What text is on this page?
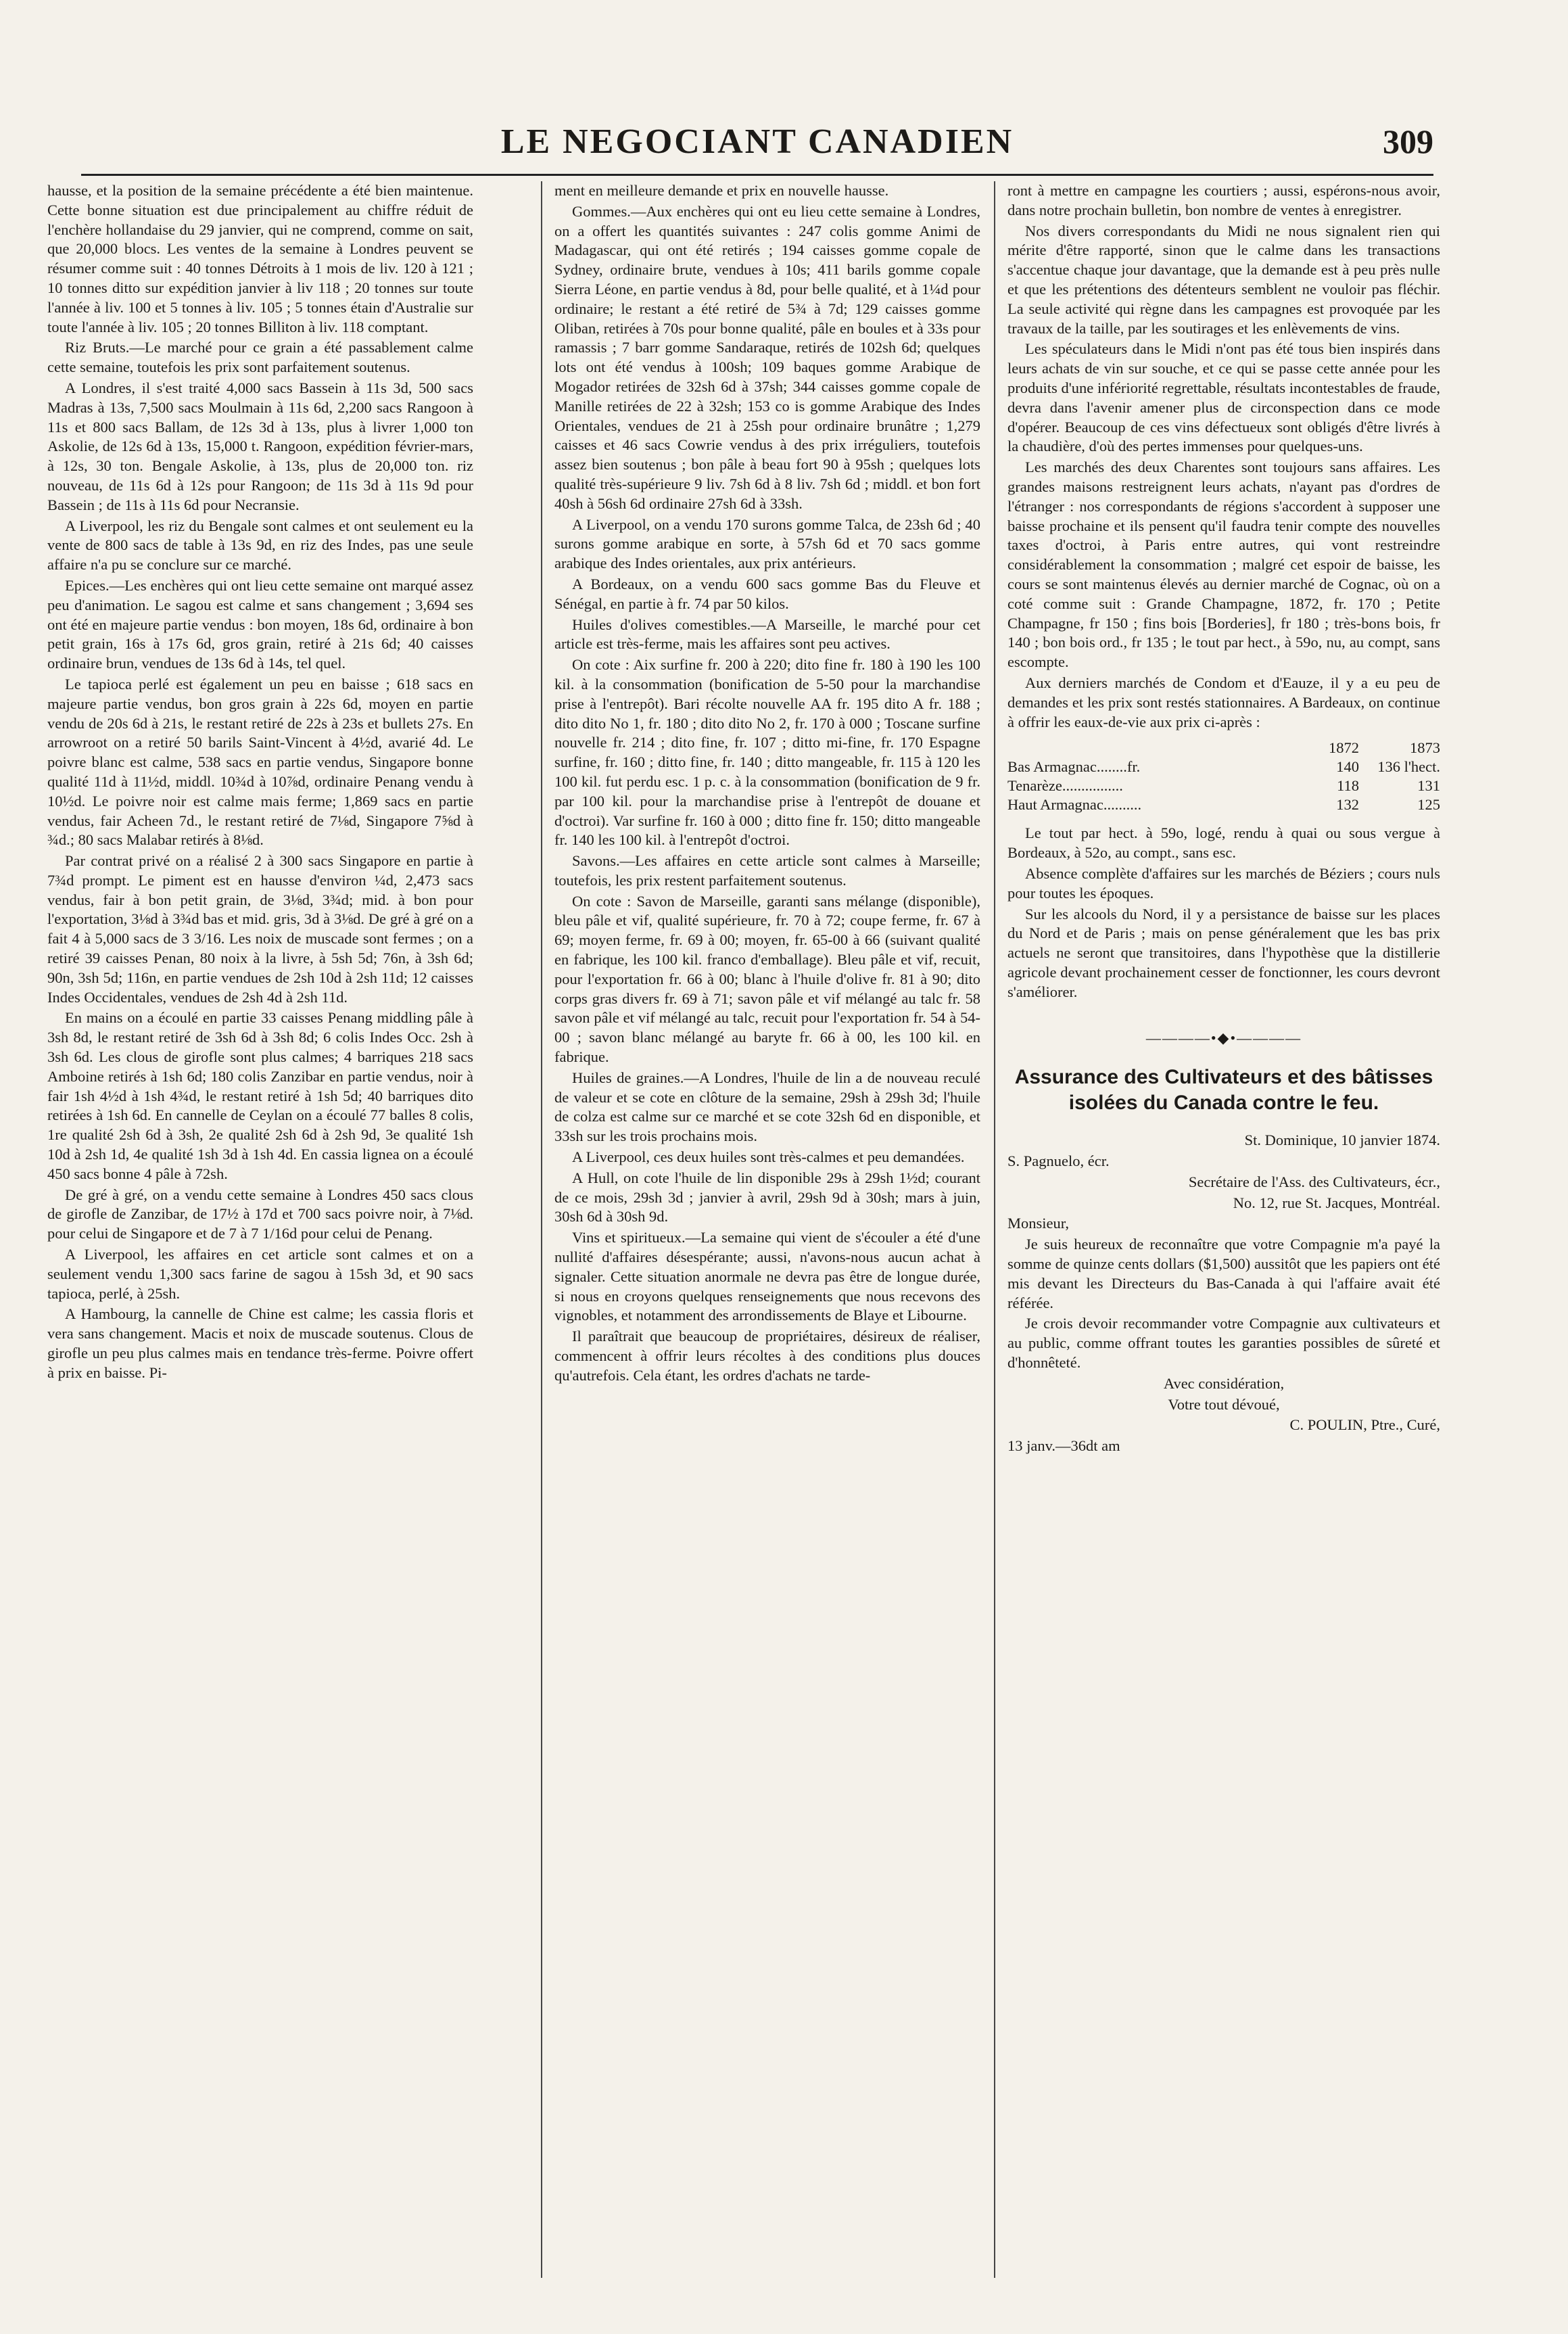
LE NEGOCIANT CANADIEN	309

hausse, et la position de la semaine précédente a été bien maintenue. Cette bonne situation est due principalement au chiffre réduit de l'enchère hollandaise du 29 janvier, qui ne comprend, comme on sait, que 20,000 blocs. Les ventes de la semaine à Londres peuvent se résumer comme suit : 40 tonnes Détroits à 1 mois de liv. 120 à 121 ; 10 tonnes ditto sur expédition janvier à liv 118 ; 20 tonnes sur toute l'année à liv. 100 et 5 tonnes à liv. 105 ; 5 tonnes étain d'Australie sur toute l'année à liv. 105 ; 20 tonnes Billiton à liv. 118 comptant.

Riz Bruts.—Le marché pour ce grain a été passablement calme cette semaine, toutefois les prix sont parfaitement soutenus.

A Londres, il s'est traité 4,000 sacs Bassein à 11s 3d, 500 sacs Madras à 13s, 7,500 sacs Moulmain à 11s 6d, 2,200 sacs Rangoon à 11s et 800 sacs Ballam, de 12s 3d à 13s, plus à livrer 1,000 ton Askolie, de 12s 6d à 13s, 15,000 t. Rangoon, expédition février-mars, à 12s, 30 ton. Bengale Askolie, à 13s, plus de 20,000 ton. riz nouveau, de 11s 6d à 12s pour Rangoon; de 11s 3d à 11s 9d pour Bassein ; de 11s à 11s 6d pour Necransie.

A Liverpool, les riz du Bengale sont calmes et ont seulement eu la vente de 800 sacs de table à 13s 9d, en riz des Indes, pas une seule affaire n'a pu se conclure sur ce marché.

Epices.—Les enchères qui ont lieu cette semaine ont marqué assez peu d'animation. Le sagou est calme et sans changement ; 3,694 ses ont été en majeure partie vendus : bon moyen, 18s 6d, ordinaire à bon petit grain, 16s à 17s 6d, gros grain, retiré à 21s 6d; 40 caisses ordinaire brun, vendues de 13s 6d à 14s, tel quel.

Le tapioca perlé est également un peu en baisse ; 618 sacs en majeure partie vendus, bon gros grain à 22s 6d, moyen en partie vendu de 20s 6d à 21s, le restant retiré de 22s à 23s et bullets 27s. En arrowroot on a retiré 50 barils Saint-Vincent à 4½d, avarié 4d. Le poivre blanc est calme, 538 sacs en partie vendus, Singapore bonne qualité 11d à 11½d, middl. 10¾d à 10⅞d, ordinaire Penang vendu à 10½d. Le poivre noir est calme mais ferme; 1,869 sacs en partie vendus, fair Acheen 7d., le restant retiré de 7⅛d, Singapore 7⅝d à ¾d.; 80 sacs Malabar retirés à 8⅛d.

Par contrat privé on a réalisé 2 à 300 sacs Singapore en partie à 7¾d prompt. Le piment est en hausse d'environ ¼d, 2,473 sacs vendus, fair à bon petit grain, de 3⅛d, 3¾d; mid. à bon pour l'exportation, 3⅛d à 3¾d bas et mid. gris, 3d à 3⅛d. De gré à gré on a fait 4 à 5,000 sacs de 3 3/16. Les noix de muscade sont fermes ; on a retiré 39 caisses Penan, 80 noix à la livre, à 5sh 5d; 76n, à 3sh 6d; 90n, 3sh 5d; 116n, en partie vendues de 2sh 10d à 2sh 11d; 12 caisses Indes Occidentales, vendues de 2sh 4d à 2sh 11d.

En mains on a écoulé en partie 33 caisses Penang middling pâle à 3sh 8d, le restant retiré de 3sh 6d à 3sh 8d; 6 colis Indes Occ. 2sh à 3sh 6d. Les clous de girofle sont plus calmes; 4 barriques 218 sacs Amboine retirés à 1sh 6d; 180 colis Zanzibar en partie vendus, noir à fair 1sh 4½d à 1sh 4¾d, le restant retiré à 1sh 5d; 40 barriques dito retirées à 1sh 6d. En cannelle de Ceylan on a écoulé 77 balles 8 colis, 1re qualité 2sh 6d à 3sh, 2e qualité 2sh 6d à 2sh 9d, 3e qualité 1sh 10d à 2sh 1d, 4e qualité 1sh 3d à 1sh 4d. En cassia lignea on a écoulé 450 sacs bonne 4 pâle à 72sh.

De gré à gré, on a vendu cette semaine à Londres 450 sacs clous de girofle de Zanzibar, de 17½ à 17d et 700 sacs poivre noir, à 7⅛d. pour celui de Singapore et de 7 à 7 1/16d pour celui de Penang.

A Liverpool, les affaires en cet article sont calmes et on a seulement vendu 1,300 sacs farine de sagou à 15sh 3d, et 90 sacs tapioca, perlé, à 25sh.

A Hambourg, la cannelle de Chine est calme; les cassia floris et vera sans changement. Macis et noix de muscade soutenus. Clous de girofle un peu plus calmes mais en tendance très-ferme. Poivre offert à prix en baisse. Pi-

ment en meilleure demande et prix en nouvelle hausse.

Gommes.—Aux enchères qui ont eu lieu cette semaine à Londres, on a offert les quantités suivantes : 247 colis gomme Animi de Madagascar, qui ont été retirés ; 194 caisses gomme copale de Sydney, ordinaire brute, vendues à 10s; 411 barils gomme copale Sierra Léone, en partie vendus à 8d, pour belle qualité, et à 1¼d pour ordinaire; le restant a été retiré de 5¾ à 7d; 129 caisses gomme Oliban, retirées à 70s pour bonne qualité, pâle en boules et à 33s pour ramassis ; 7 barr gomme Sandaraque, retirés de 102sh 6d; quelques lots ont été vendus à 100sh; 109 baques gomme Arabique de Mogador retirées de 32sh 6d à 37sh; 344 caisses gomme copale de Manille retirées de 22 à 32sh; 153 co is gomme Arabique des Indes Orientales, vendues de 21 à 25sh pour ordinaire brunâtre ; 1,279 caisses et 46 sacs Cowrie vendus à des prix irréguliers, toutefois assez bien soutenus ; bon pâle à beau fort 90 à 95sh ; quelques lots qualité très-supérieure 9 liv. 7sh 6d à 8 liv. 7sh 6d ; middl. et bon fort 40sh à 56sh 6d ordinaire 27sh 6d à 33sh.

A Liverpool, on a vendu 170 surons gomme Talca, de 23sh 6d ; 40 surons gomme arabique en sorte, à 57sh 6d et 70 sacs gomme arabique des Indes orientales, aux prix antérieurs.

A Bordeaux, on a vendu 600 sacs gomme Bas du Fleuve et Sénégal, en partie à fr. 74 par 50 kilos.

Huiles d'olives comestibles.—A Marseille, le marché pour cet article est très-ferme, mais les affaires sont peu actives.

On cote : Aix surfine fr. 200 à 220; dito fine fr. 180 à 190 les 100 kil. à la consommation (bonification de 5-50 pour la marchandise prise à l'entrepôt). Bari récolte nouvelle AA fr. 195 dito A fr. 188 ; dito dito No 1, fr. 180 ; dito dito No 2, fr. 170 à 000 ; Toscane surfine nouvelle fr. 214 ; dito fine, fr. 107 ; ditto mi-fine, fr. 170 Espagne surfine, fr. 160 ; ditto fine, fr. 140 ; ditto mangeable, fr. 115 à 120 les 100 kil. fut perdu esc. 1 p. c. à la consommation (bonification de 9 fr. par 100 kil. pour la marchandise prise à l'entrepôt de douane et d'octroi). Var surfine fr. 160 à 000 ; ditto fine fr. 150; ditto mangeable fr. 140 les 100 kil. à l'entrepôt d'octroi.

Savons.—Les affaires en cette article sont calmes à Marseille; toutefois, les prix restent parfaitement soutenus.

On cote : Savon de Marseille, garanti sans mélange (disponible), bleu pâle et vif, qualité supérieure, fr. 70 à 72; coupe ferme, fr. 67 à 69; moyen ferme, fr. 69 à 00; moyen, fr. 65-00 à 66 (suivant qualité en fabrique, les 100 kil. franco d'emballage). Bleu pâle et vif, recuit, pour l'exportation fr. 66 à 00; blanc à l'huile d'olive fr. 81 à 90; dito corps gras divers fr. 69 à 71; savon pâle et vif mélangé au talc fr. 58 savon pâle et vif mélangé au talc, recuit pour l'exportation fr. 54 à 54-00 ; savon blanc mélangé au baryte fr. 66 à 00, les 100 kil. en fabrique.

Huiles de graines.—A Londres, l'huile de lin a de nouveau reculé de valeur et se cote en clôture de la semaine, 29sh à 29sh 3d; l'huile de colza est calme sur ce marché et se cote 32sh 6d en disponible, et 33sh sur les trois prochains mois.

A Liverpool, ces deux huiles sont très-calmes et peu demandées.

A Hull, on cote l'huile de lin disponible 29s à 29sh 1½d; courant de ce mois, 29sh 3d ; janvier à avril, 29sh 9d à 30sh; mars à juin, 30sh 6d à 30sh 9d.

Vins et spiritueux.—La semaine qui vient de s'écouler a été d'une nullité d'affaires désespérante; aussi, n'avons-nous aucun achat à signaler. Cette situation anormale ne devra pas être de longue durée, si nous en croyons quelques renseignements que nous recevons des vignobles, et notamment des arrondissements de Blaye et Libourne.

Il paraîtrait que beaucoup de propriétaires, désireux de réaliser, commencent à offrir leurs récoltes à des conditions plus douces qu'autrefois. Cela étant, les ordres d'achats ne tarde-

ront à mettre en campagne les courtiers ; aussi, espérons-nous avoir, dans notre prochain bulletin, bon nombre de ventes à enregistrer.

Nos divers correspondants du Midi ne nous signalent rien qui mérite d'être rapporté, sinon que le calme dans les transactions s'accentue chaque jour davantage, que la demande est à peu près nulle et que les prétentions des détenteurs semblent ne vouloir pas fléchir. La seule activité qui règne dans les campagnes est provoquée par les travaux de la taille, par les soutirages et les enlèvements de vins.

Les spéculateurs dans le Midi n'ont pas été tous bien inspirés dans leurs achats de vin sur souche, et ce qui se passe cette année pour les produits d'une infériorité regrettable, résultats incontestables de fraude, devra dans l'avenir amener plus de circonspection dans ce mode d'opérer. Beaucoup de ces vins défectueux sont obligés d'être livrés à la chaudière, d'où des pertes immenses pour quelques-uns.

Les marchés des deux Charentes sont toujours sans affaires. Les grandes maisons restreignent leurs achats, n'ayant pas d'ordres de l'étranger : nos correspondants de régions s'accordent à supposer une baisse prochaine et ils pensent qu'il faudra tenir compte des nouvelles taxes d'octroi, à Paris entre autres, qui vont restreindre considérablement la consommation ; malgré cet espoir de baisse, les cours se sont maintenus élevés au dernier marché de Cognac, où on a coté comme suit : Grande Champagne, 1872, fr. 170 ; Petite Champagne, fr 150 ; fins bois [Borderies], fr 180 ; très-bons bois, fr 140 ; bon bois ord., fr 135 ; le tout par hect., à 59o, nu, au compt, sans escompte.

Aux derniers marchés de Condom et d'Eauze, il y a eu peu de demandes et les prix sont restés stationnaires. A Bardeaux, on continue à offrir les eaux-de-vie aux prix ci-après :

	1872	1873
Bas Armagnac........fr.	140	136 l'hect.
Tenarèze................	118	131
Haut Armagnac..........	132	125

Le tout par hect. à 59o, logé, rendu à quai ou sous vergue à Bordeaux, à 52o, au compt., sans esc.

Absence complète d'affaires sur les marchés de Béziers ; cours nuls pour toutes les époques.

Sur les alcools du Nord, il y a persistance de baisse sur les places du Nord et de Paris ; mais on pense généralement que les bas prix actuels ne seront que transitoires, dans l'hypothèse que la distillerie agricole devant prochainement cesser de fonctionner, les cours devront s'améliorer.

————•◆•————
Assurance des Cultivateurs et des bâtisses isolées du Canada contre le feu.

St. Dominique, 10 janvier 1874.

S. Pagnuelo, écr.

Secrétaire de l'Ass. des Cultivateurs, écr.,

No. 12, rue St. Jacques, Montréal.

Monsieur,

Je suis heureux de reconnaître que votre Compagnie m'a payé la somme de quinze cents dollars ($1,500) aussitôt que les papiers ont été mis devant les Directeurs du Bas-Canada à qui l'affaire avait été référée.

Je crois devoir recommander votre Compagnie aux cultivateurs et au public, comme offrant toutes les garanties possibles de sûreté et d'honnêteté.

Avec considération,

Votre tout dévoué,

C. POULIN, Ptre., Curé,

13 janv.—36dt am
